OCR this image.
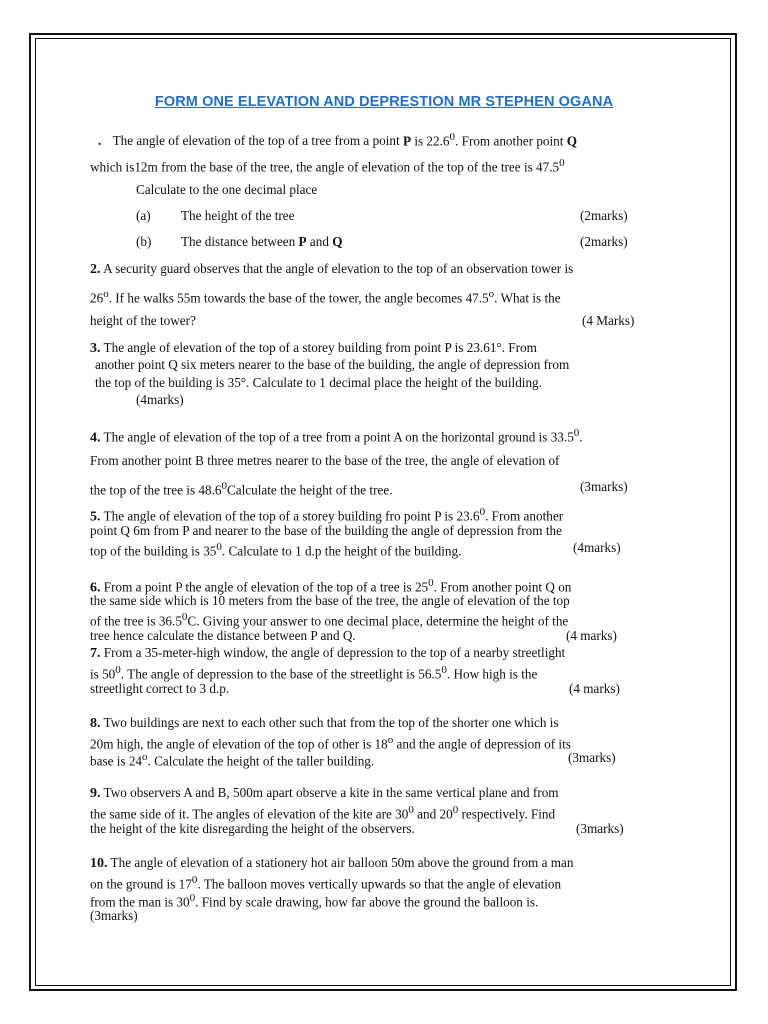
FORM ONE ELEVATION AND DEPRESTION MR STEPHEN OGANA
. The angle of elevation of the top of a tree from a point P is 22.6$^0$. From another point Q
which is12m from the base of the tree, the angle of elevation of the top of the tree is 47.5$^0$
Calculate to the one decimal place
(a) The height of the tree	(2marks)
(b) The distance between P and Q	(2marks)
2. A security guard observes that the angle of elevation to the top of an observation tower is
26$^o$. If he walks 55m towards the base of the tower, the angle becomes 47.5$^o$. What is the
height of the tower?	(4 Marks)
3. The angle of elevation of the top of a storey building from point P is 23.61°. From
another point Q six meters nearer to the base of the building, the angle of depression from
the top of the building is 35°. Calculate to 1 decimal place the height of the building.
(4marks)
4. The angle of elevation of the top of a tree from a point A on the horizontal ground is 33.5$^0$.
From another point B three metres nearer to the base of the tree, the angle of elevation of
the top of the tree is 48.6$^0$Calculate the height of the tree.	(3marks)
5. The angle of elevation of the top of a storey building fro point P is 23.6$^0$. From another
point Q 6m from P and nearer to the base of the building the angle of depression from the
top of the building is $35^0$. Calculate to 1 d.p the height of the building.	(4marks)
6. From a point P the angle of elevation of the top of a tree is $25^0$. From another point Q on
the same side which is 10 meters from the base of the tree, the angle of elevation of the top
of the tree is 36.5$^0$C. Giving your answer to one decimal place, determine the height of the
tree hence calculate the distance between P and Q.	(4 marks)
7. From a 35-meter-high window, the angle of depression to the top of a nearby streetlight
is $50^0$. The angle of depression to the base of the streetlight is 56.5$^0$. How high is the
streetlight correct to 3 d.p.	(4 marks)
8. Two buildings are next to each other such that from the top of the shorter one which is
20m high, the angle of elevation of the top of other is 18$^o$ and the angle of depression of its
base is 24$^o$. Calculate the height of the taller building.	(3marks)
9. Two observers A and B, 500m apart observe a kite in the same vertical plane and from
the same side of it. The angles of elevation of the kite are $30^0$ and $20^0$ respectively. Find
the height of the kite disregarding the height of the observers.	(3marks)
10. The angle of elevation of a stationery hot air balloon 50m above the ground from a man
on the ground is $17^0$. The balloon moves vertically upwards so that the angle of elevation
from the man is $30^0$. Find by scale drawing, how far above the ground the balloon is.
(3marks)
